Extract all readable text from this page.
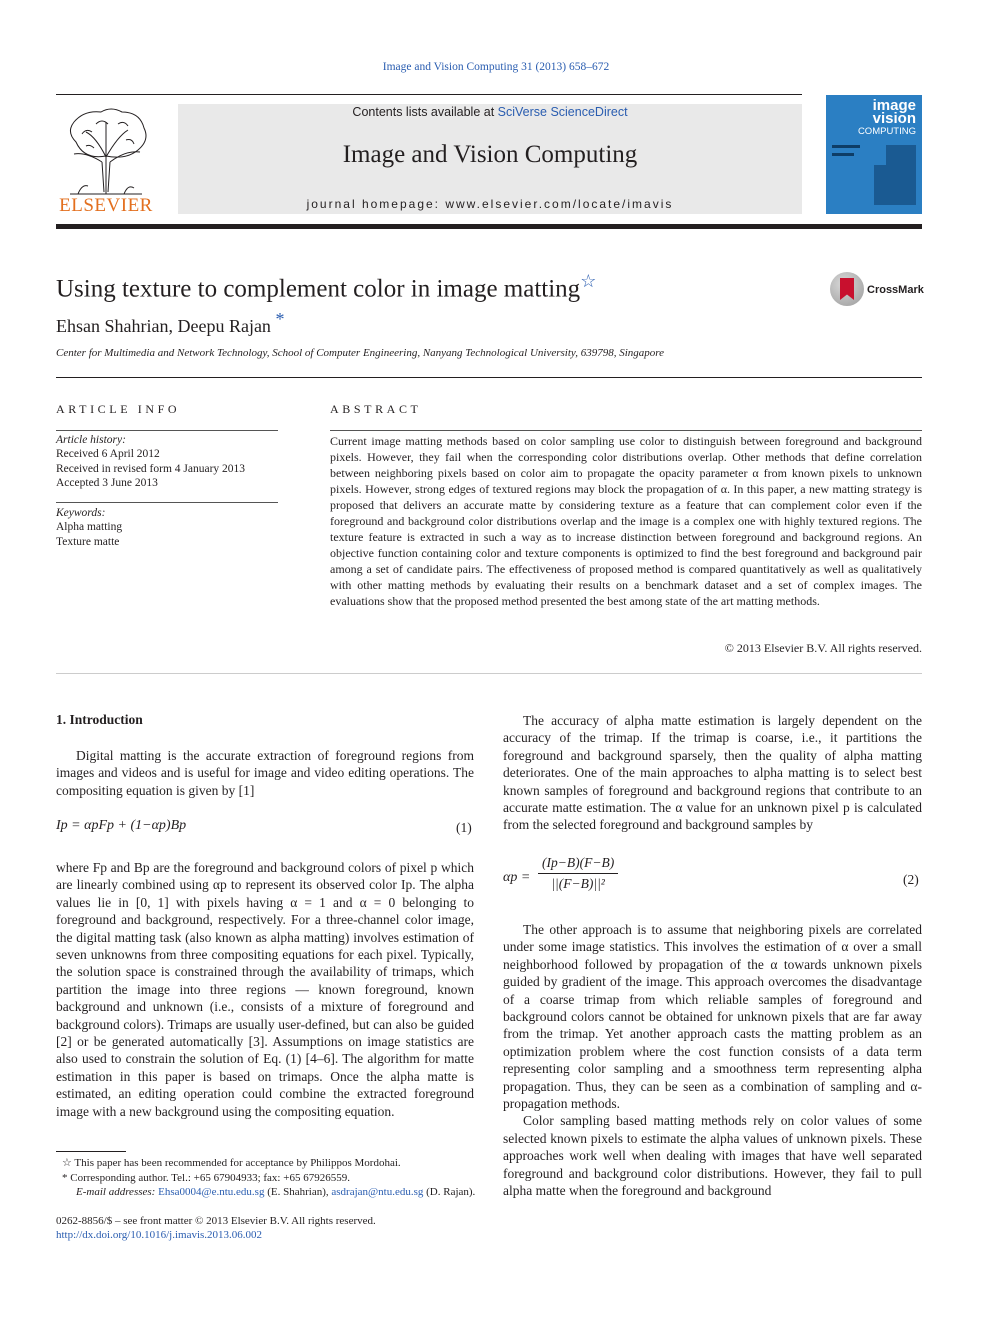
Image and Vision Computing 31 (2013) 658–672
ELSEVIER
Contents lists available at SciVerse ScienceDirect
Image and Vision Computing
journal homepage: www.elsevier.com/locate/imavis
image
vision
COMPUTING
Using texture to complement color in image matting☆	CrossMark
Ehsan Shahrian, Deepu Rajan *
Center for Multimedia and Network Technology, School of Computer Engineering, Nanyang Technological University, 639798, Singapore
ARTICLE INFO
Article history:
Received 6 April 2012
Received in revised form 4 January 2013
Accepted 3 June 2013
Keywords:
Alpha matting
Texture matte
ABSTRACT
Current image matting methods based on color sampling use color to distinguish between foreground and background pixels. However, they fail when the corresponding color distributions overlap. Other methods that define correlation between neighboring pixels based on color aim to propagate the opacity parameter α from known pixels to unknown pixels. However, strong edges of textured regions may block the propagation of α. In this paper, a new matting strategy is proposed that delivers an accurate matte by considering texture as a feature that can complement color even if the foreground and background color distributions overlap and the image is a complex one with highly textured regions. The texture feature is extracted in such a way as to increase distinction between foreground and background regions. An objective function containing color and texture components is optimized to find the best foreground and background pair among a set of candidate pairs. The effectiveness of proposed method is compared quantitatively as well as qualitatively with other matting methods by evaluating their results on a benchmark dataset and a set of complex images. The evaluations show that the proposed method presented the best among state of the art matting methods.
© 2013 Elsevier B.V. All rights reserved.
1. Introduction

Digital matting is the accurate extraction of foreground regions from images and videos and is useful for image and video editing operations. The compositing equation is given by [1]

Ip = αpFp + (1−αp)Bp	(1)

where Fp and Bp are the foreground and background colors of pixel p which are linearly combined using αp to represent its observed color Ip. The alpha values lie in [0, 1] with pixels having α = 1 and α = 0 belonging to foreground and background, respectively. For a three-channel color image, the digital matting task (also known as alpha matting) involves estimation of seven unknowns from three compositing equations for each pixel. Typically, the solution space is constrained through the availability of trimaps, which partition the image into three regions — known foreground, known background and unknown (i.e., consists of a mixture of foreground and background colors). Trimaps are usually user-defined, but can also be guided [2] or be generated automatically [3]. Assumptions on image statistics are also used to constrain the solution of Eq. (1) [4–6]. The algorithm for matte estimation in this paper is based on trimaps. Once the alpha matte is estimated, an editing operation could combine the extracted foreground image with a new background using the compositing equation.

☆ This paper has been recommended for acceptance by Philippos Mordohai.
* Corresponding author. Tel.: +65 67904933; fax: +65 67926559.
E-mail addresses: Ehsa0004@e.ntu.edu.sg (E. Shahrian), asdrajan@ntu.edu.sg (D. Rajan).
0262-8856/$ – see front matter © 2013 Elsevier B.V. All rights reserved.
http://dx.doi.org/10.1016/j.imavis.2013.06.002

The accuracy of alpha matte estimation is largely dependent on the accuracy of the trimap. If the trimap is coarse, i.e., it partitions the foreground and background sparsely, then the quality of alpha matting deteriorates. One of the main approaches to alpha matting is to select best known samples of foreground and background regions that contribute to an accurate matte estimation. The α value for an unknown pixel p is calculated from the selected foreground and background samples by

$\alpha p = \frac{(Ip-B)(F-B)}{\text{||(F−B)||²}}$	(2)

The other approach is to assume that neighboring pixels are correlated under some image statistics. This involves the estimation of α over a small neighborhood followed by propagation of the α towards unknown pixels guided by gradient of the image. This approach overcomes the disadvantage of a coarse trimap from which reliable samples of foreground and background colors cannot be obtained for unknown pixels that are far away from the trimap. Yet another approach casts the matting problem as an optimization problem where the cost function consists of a data term representing color sampling and a smoothness term representing alpha propagation. Thus, they can be seen as a combination of sampling and α-propagation methods.

Color sampling based matting methods rely on color values of some selected known pixels to estimate the alpha values of unknown pixels. These approaches work well when dealing with images that have well separated foreground and background color distributions. However, they fail to pull alpha matte when the foreground and background
